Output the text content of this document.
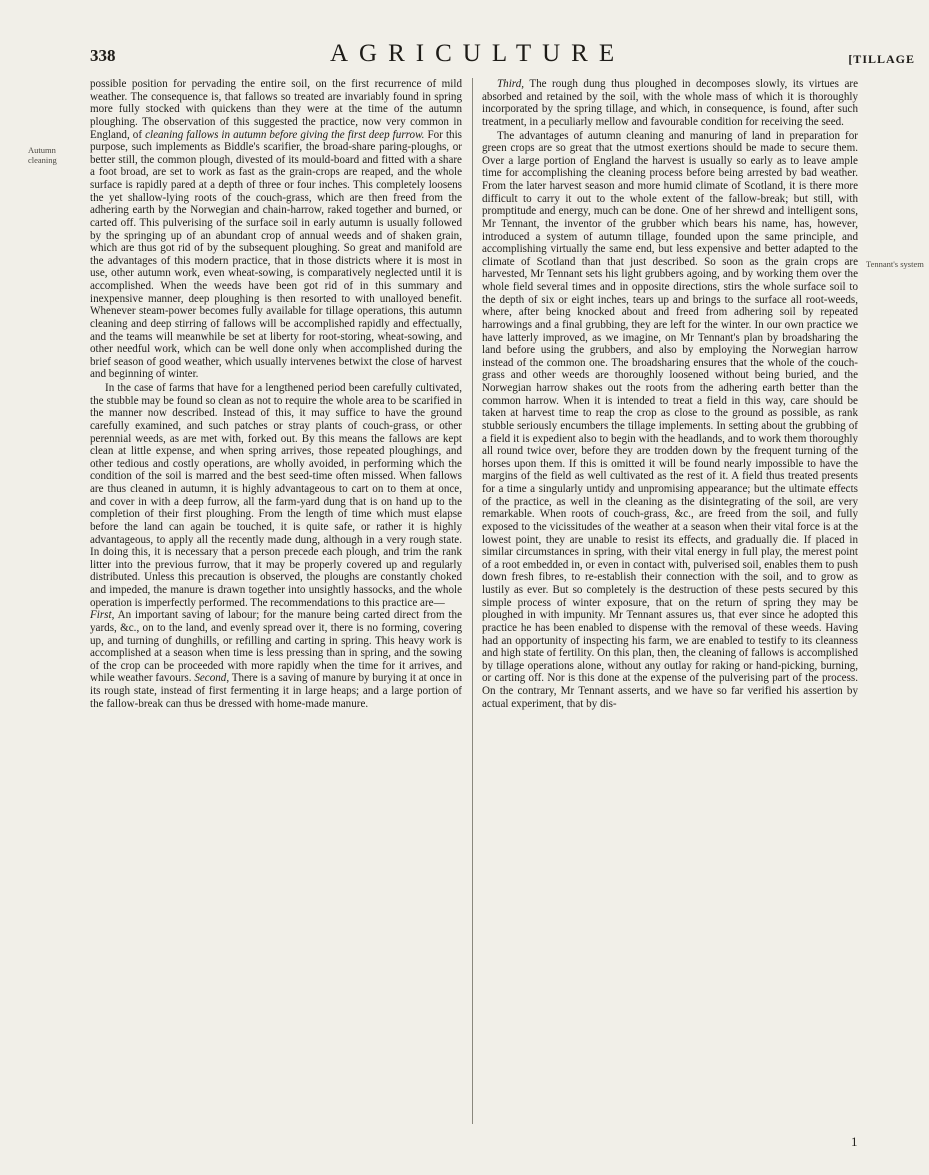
338	AGRICULTURE	[TILLAGE
Autumn cleaning
Tennant's system

possible position for pervading the entire soil, on the first recurrence of mild weather. The consequence is, that fallows so treated are invariably found in spring more fully stocked with quickens than they were at the time of the autumn ploughing. The observation of this suggested the practice, now very common in England, of cleaning fallows in autumn before giving the first deep furrow. For this purpose, such implements as Biddle's scarifier, the broad-share paring-ploughs, or better still, the common plough, divested of its mould-board and fitted with a share a foot broad, are set to work as fast as the grain-crops are reaped, and the whole surface is rapidly pared at a depth of three or four inches. This completely loosens the yet shallow-lying roots of the couch-grass, which are then freed from the adhering earth by the Norwegian and chain-harrow, raked together and burned, or carted off. This pulverising of the surface soil in early autumn is usually followed by the springing up of an abundant crop of annual weeds and of shaken grain, which are thus got rid of by the subsequent ploughing. So great and manifold are the advantages of this modern practice, that in those districts where it is most in use, other autumn work, even wheat-sowing, is comparatively neglected until it is accomplished. When the weeds have been got rid of in this summary and inexpensive manner, deep ploughing is then resorted to with unalloyed benefit. Whenever steam-power becomes fully available for tillage operations, this autumn cleaning and deep stirring of fallows will be accomplished rapidly and effectually, and the teams will meanwhile be set at liberty for root-storing, wheat-sowing, and other needful work, which can be well done only when accomplished during the brief season of good weather, which usually intervenes betwixt the close of harvest and beginning of winter.

In the case of farms that have for a lengthened period been carefully cultivated, the stubble may be found so clean as not to require the whole area to be scarified in the manner now described. Instead of this, it may suffice to have the ground carefully examined, and such patches or stray plants of couch-grass, or other perennial weeds, as are met with, forked out. By this means the fallows are kept clean at little expense, and when spring arrives, those repeated ploughings, and other tedious and costly operations, are wholly avoided, in performing which the condition of the soil is marred and the best seed-time often missed. When fallows are thus cleaned in autumn, it is highly advantageous to cart on to them at once, and cover in with a deep furrow, all the farm-yard dung that is on hand up to the completion of their first ploughing. From the length of time which must elapse before the land can again be touched, it is quite safe, or rather it is highly advantageous, to apply all the recently made dung, although in a very rough state. In doing this, it is necessary that a person precede each plough, and trim the rank litter into the previous furrow, that it may be properly covered up and regularly distributed. Unless this precaution is observed, the ploughs are constantly choked and impeded, the manure is drawn together into unsightly hassocks, and the whole operation is imperfectly performed. The recommendations to this practice are—
First, An important saving of labour; for the manure being carted direct from the yards, &c., on to the land, and evenly spread over it, there is no forming, covering up, and turning of dunghills, or refilling and carting in spring. This heavy work is accomplished at a season when time is less pressing than in spring, and the sowing of the crop can be proceeded with more rapidly when the time for it arrives, and while weather favours. Second, There is a saving of manure by burying it at once in its rough state, instead of first fermenting it in large heaps; and a large portion of the fallow-break can thus be dressed with home-made manure.

Third, The rough dung thus ploughed in decomposes slowly, its virtues are absorbed and retained by the soil, with the whole mass of which it is thoroughly incorporated by the spring tillage, and which, in consequence, is found, after such treatment, in a peculiarly mellow and favourable condition for receiving the seed.

The advantages of autumn cleaning and manuring of land in preparation for green crops are so great that the utmost exertions should be made to secure them. Over a large portion of England the harvest is usually so early as to leave ample time for accomplishing the cleaning process before being arrested by bad weather. From the later harvest season and more humid climate of Scotland, it is there more difficult to carry it out to the whole extent of the fallow-break; but still, with promptitude and energy, much can be done. One of her shrewd and intelligent sons, Mr Tennant, the inventor of the grubber which bears his name, has, however, introduced a system of autumn tillage, founded upon the same principle, and accomplishing virtually the same end, but less expensive and better adapted to the climate of Scotland than that just described. So soon as the grain crops are harvested, Mr Tennant sets his light grubbers agoing, and by working them over the whole field several times and in opposite directions, stirs the whole surface soil to the depth of six or eight inches, tears up and brings to the surface all root-weeds, where, after being knocked about and freed from adhering soil by repeated harrowings and a final grubbing, they are left for the winter. In our own practice we have latterly improved, as we imagine, on Mr Tennant's plan by broadsharing the land before using the grubbers, and also by employing the Norwegian harrow instead of the common one. The broadsharing ensures that the whole of the couch-grass and other weeds are thoroughly loosened without being buried, and the Norwegian harrow shakes out the roots from the adhering earth better than the common harrow. When it is intended to treat a field in this way, care should be taken at harvest time to reap the crop as close to the ground as possible, as rank stubble seriously encumbers the tillage implements. In setting about the grubbing of a field it is expedient also to begin with the headlands, and to work them thoroughly all round twice over, before they are trodden down by the frequent turning of the horses upon them. If this is omitted it will be found nearly impossible to have the margins of the field as well cultivated as the rest of it. A field thus treated presents for a time a singularly untidy and unpromising appearance; but the ultimate effects of the practice, as well in the cleaning as the disintegrating of the soil, are very remarkable. When roots of couch-grass, &c., are freed from the soil, and fully exposed to the vicissitudes of the weather at a season when their vital force is at the lowest point, they are unable to resist its effects, and gradually die. If placed in similar circumstances in spring, with their vital energy in full play, the merest point of a root embedded in, or even in contact with, pulverised soil, enables them to push down fresh fibres, to re-establish their connection with the soil, and to grow as lustily as ever. But so completely is the destruction of these pests secured by this simple process of winter exposure, that on the return of spring they may be ploughed in with impunity. Mr Tennant assures us, that ever since he adopted this practice he has been enabled to dispense with the removal of these weeds. Having had an opportunity of inspecting his farm, we are enabled to testify to its cleanness and high state of fertility. On this plan, then, the cleaning of fallows is accomplished by tillage operations alone, without any outlay for raking or hand-picking, burning, or carting off. Nor is this done at the expense of the pulverising part of the process. On the contrary, Mr Tennant asserts, and we have so far verified his assertion by actual experiment, that by dis-

1
